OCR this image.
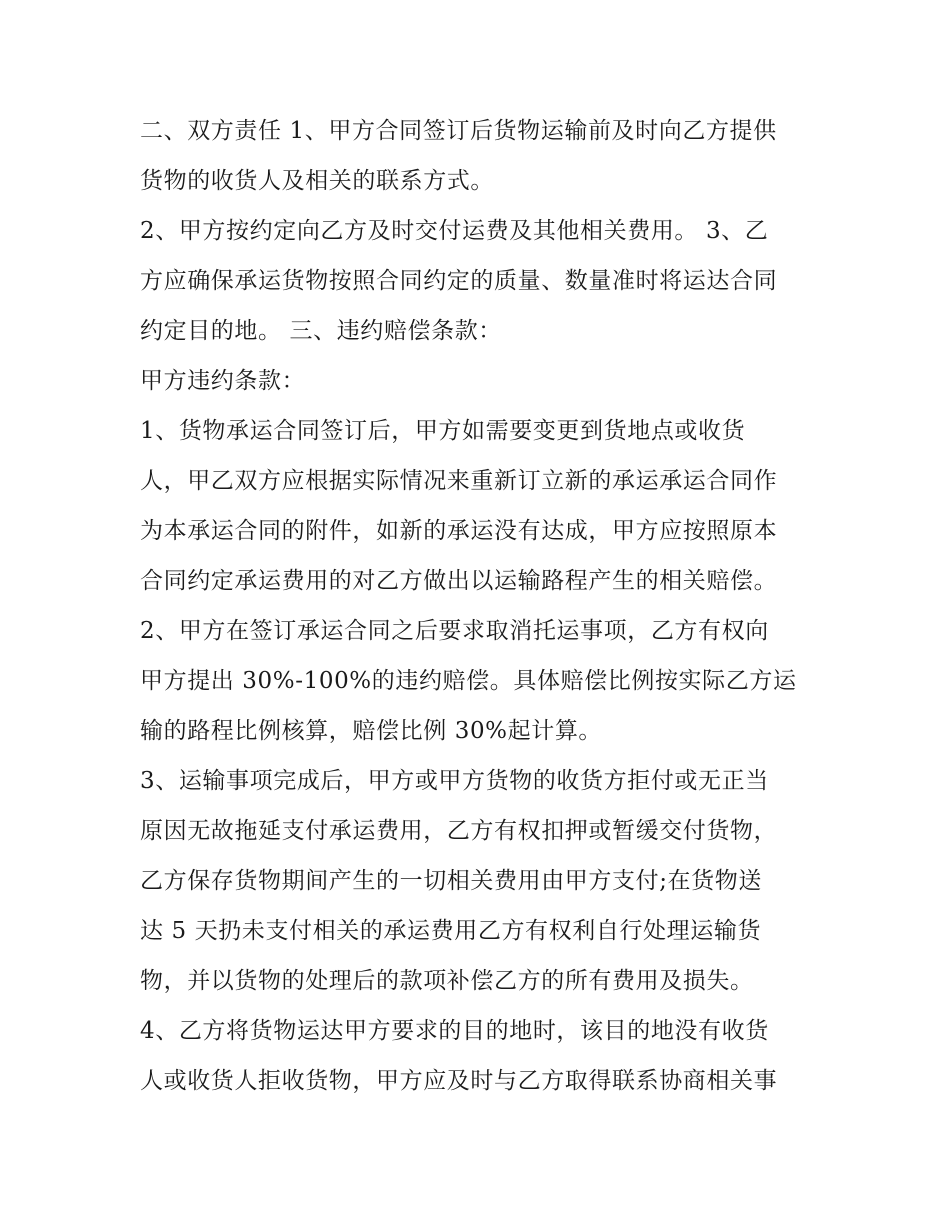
二、双方责任 1、甲方合同签订后货物运输前及时向乙方提供
货物的收货人及相关的联系方式。
2、甲方按约定向乙方及时交付运费及其他相关费用。 3、乙
方应确保承运货物按照合同约定的质量、数量准时将运达合同
约定目的地。 三、违约赔偿条款：
甲方违约条款：
1、货物承运合同签订后，甲方如需要变更到货地点或收货
人，甲乙双方应根据实际情况来重新订立新的承运承运合同作
为本承运合同的附件，如新的承运没有达成，甲方应按照原本
合同约定承运费用的对乙方做出以运输路程产生的相关赔偿。
2、甲方在签订承运合同之后要求取消托运事项，乙方有权向
甲方提出 30%-100%的违约赔偿。具体赔偿比例按实际乙方运
输的路程比例核算，赔偿比例 30%起计算。
3、运输事项完成后，甲方或甲方货物的收货方拒付或无正当
原因无故拖延支付承运费用，乙方有权扣押或暂缓交付货物，
乙方保存货物期间产生的一切相关费用由甲方支付;在货物送
达 5 天扔未支付相关的承运费用乙方有权利自行处理运输货
物，并以货物的处理后的款项补偿乙方的所有费用及损失。
4、乙方将货物运达甲方要求的目的地时，该目的地没有收货
人或收货人拒收货物，甲方应及时与乙方取得联系协商相关事
